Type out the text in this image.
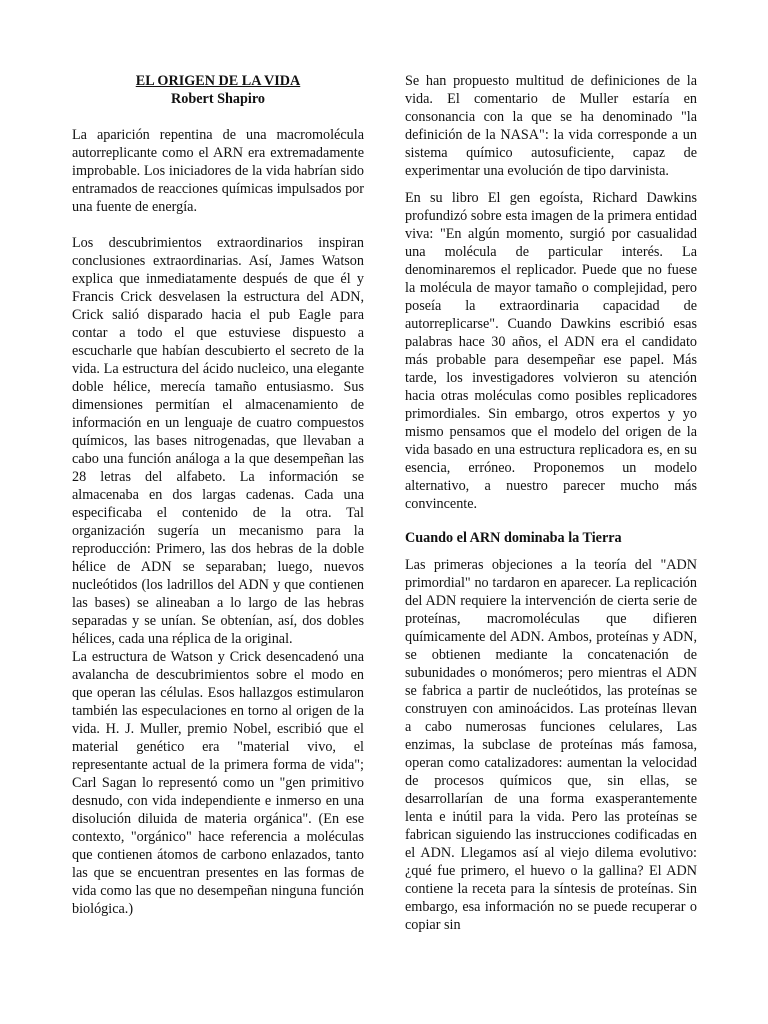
EL ORIGEN DE LA VIDA
Robert Shapiro

La aparición repentina de una macromolécula autorreplicante como el ARN era extremadamente improbable. Los iniciadores de la vida habrían sido entramados de reacciones químicas impulsados por una fuente de energía.

Los descubrimientos extraordinarios inspiran conclusiones extraordinarias. Así, James Watson explica que inmediatamente después de que él y Francis Crick desvelasen la estructura del ADN, Crick salió disparado hacia el pub Eagle para contar a todo el que estuviese dispuesto a escucharle que habían descubierto el secreto de la vida. La estructura del ácido nucleico, una elegante doble hélice, merecía tamaño entusiasmo. Sus dimensiones permitían el almacenamiento de información en un lenguaje de cuatro compuestos químicos, las bases nitrogenadas, que llevaban a cabo una función análoga a la que desempeñan las 28 letras del alfabeto. La información se almacenaba en dos largas cadenas. Cada una especificaba el contenido de la otra. Tal organización sugería un mecanismo para la reproducción: Primero, las dos hebras de la doble hélice de ADN se separaban; luego, nuevos nucleótidos (los ladrillos del ADN y que contienen las bases) se alineaban a lo largo de las hebras separadas y se unían. Se obtenían, así, dos dobles hélices, cada una réplica de la original.

La estructura de Watson y Crick desencadenó una avalancha de descubrimientos sobre el modo en que operan las células. Esos hallazgos estimularon también las especulaciones en torno al origen de la vida. H. J. Muller, premio Nobel, escribió que el material genético era "material vivo, el representante actual de la primera forma de vida"; Carl Sagan lo representó como un "gen primitivo desnudo, con vida independiente e inmerso en una disolución diluida de materia orgánica". (En ese contexto, "orgánico" hace referencia a moléculas que contienen átomos de carbono enlazados, tanto las que se encuentran presentes en las formas de vida como las que no desempeñan ninguna función biológica.)

Se han propuesto multitud de definiciones de la vida. El comentario de Muller estaría en consonancia con la que se ha denominado "la definición de la NASA": la vida corresponde a un sistema químico autosuficiente, capaz de experimentar una evolución de tipo darvinista.

En su libro El gen egoísta, Richard Dawkins profundizó sobre esta imagen de la primera entidad viva: "En algún momento, surgió por casualidad una molécula de particular interés. La denominaremos el replicador. Puede que no fuese la molécula de mayor tamaño o complejidad, pero poseía la extraordinaria capacidad de autorreplicarse". Cuando Dawkins escribió esas palabras hace 30 años, el ADN era el candidato más probable para desempeñar ese papel. Más tarde, los investigadores volvieron su atención hacia otras moléculas como posibles replicadores primordiales. Sin embargo, otros expertos y yo mismo pensamos que el modelo del origen de la vida basado en una estructura replicadora es, en su esencia, erróneo. Proponemos un modelo alternativo, a nuestro parecer mucho más convincente.

Cuando el ARN dominaba la Tierra

Las primeras objeciones a la teoría del "ADN primordial" no tardaron en aparecer. La replicación del ADN requiere la intervención de cierta serie de proteínas, macromoléculas que difieren químicamente del ADN. Ambos, proteínas y ADN, se obtienen mediante la concatenación de subunidades o monómeros; pero mientras el ADN se fabrica a partir de nucleótidos, las proteínas se construyen con aminoácidos. Las proteínas llevan a cabo numerosas funciones celulares, Las enzimas, la subclase de proteínas más famosa, operan como catalizadores: aumentan la velocidad de procesos químicos que, sin ellas, se desarrollarían de una forma exasperantemente lenta e inútil para la vida. Pero las proteínas se fabrican siguiendo las instrucciones codificadas en el ADN. Llegamos así al viejo dilema evolutivo: ¿qué fue primero, el huevo o la gallina? El ADN contiene la receta para la síntesis de proteínas. Sin embargo, esa información no se puede recuperar o copiar sin
